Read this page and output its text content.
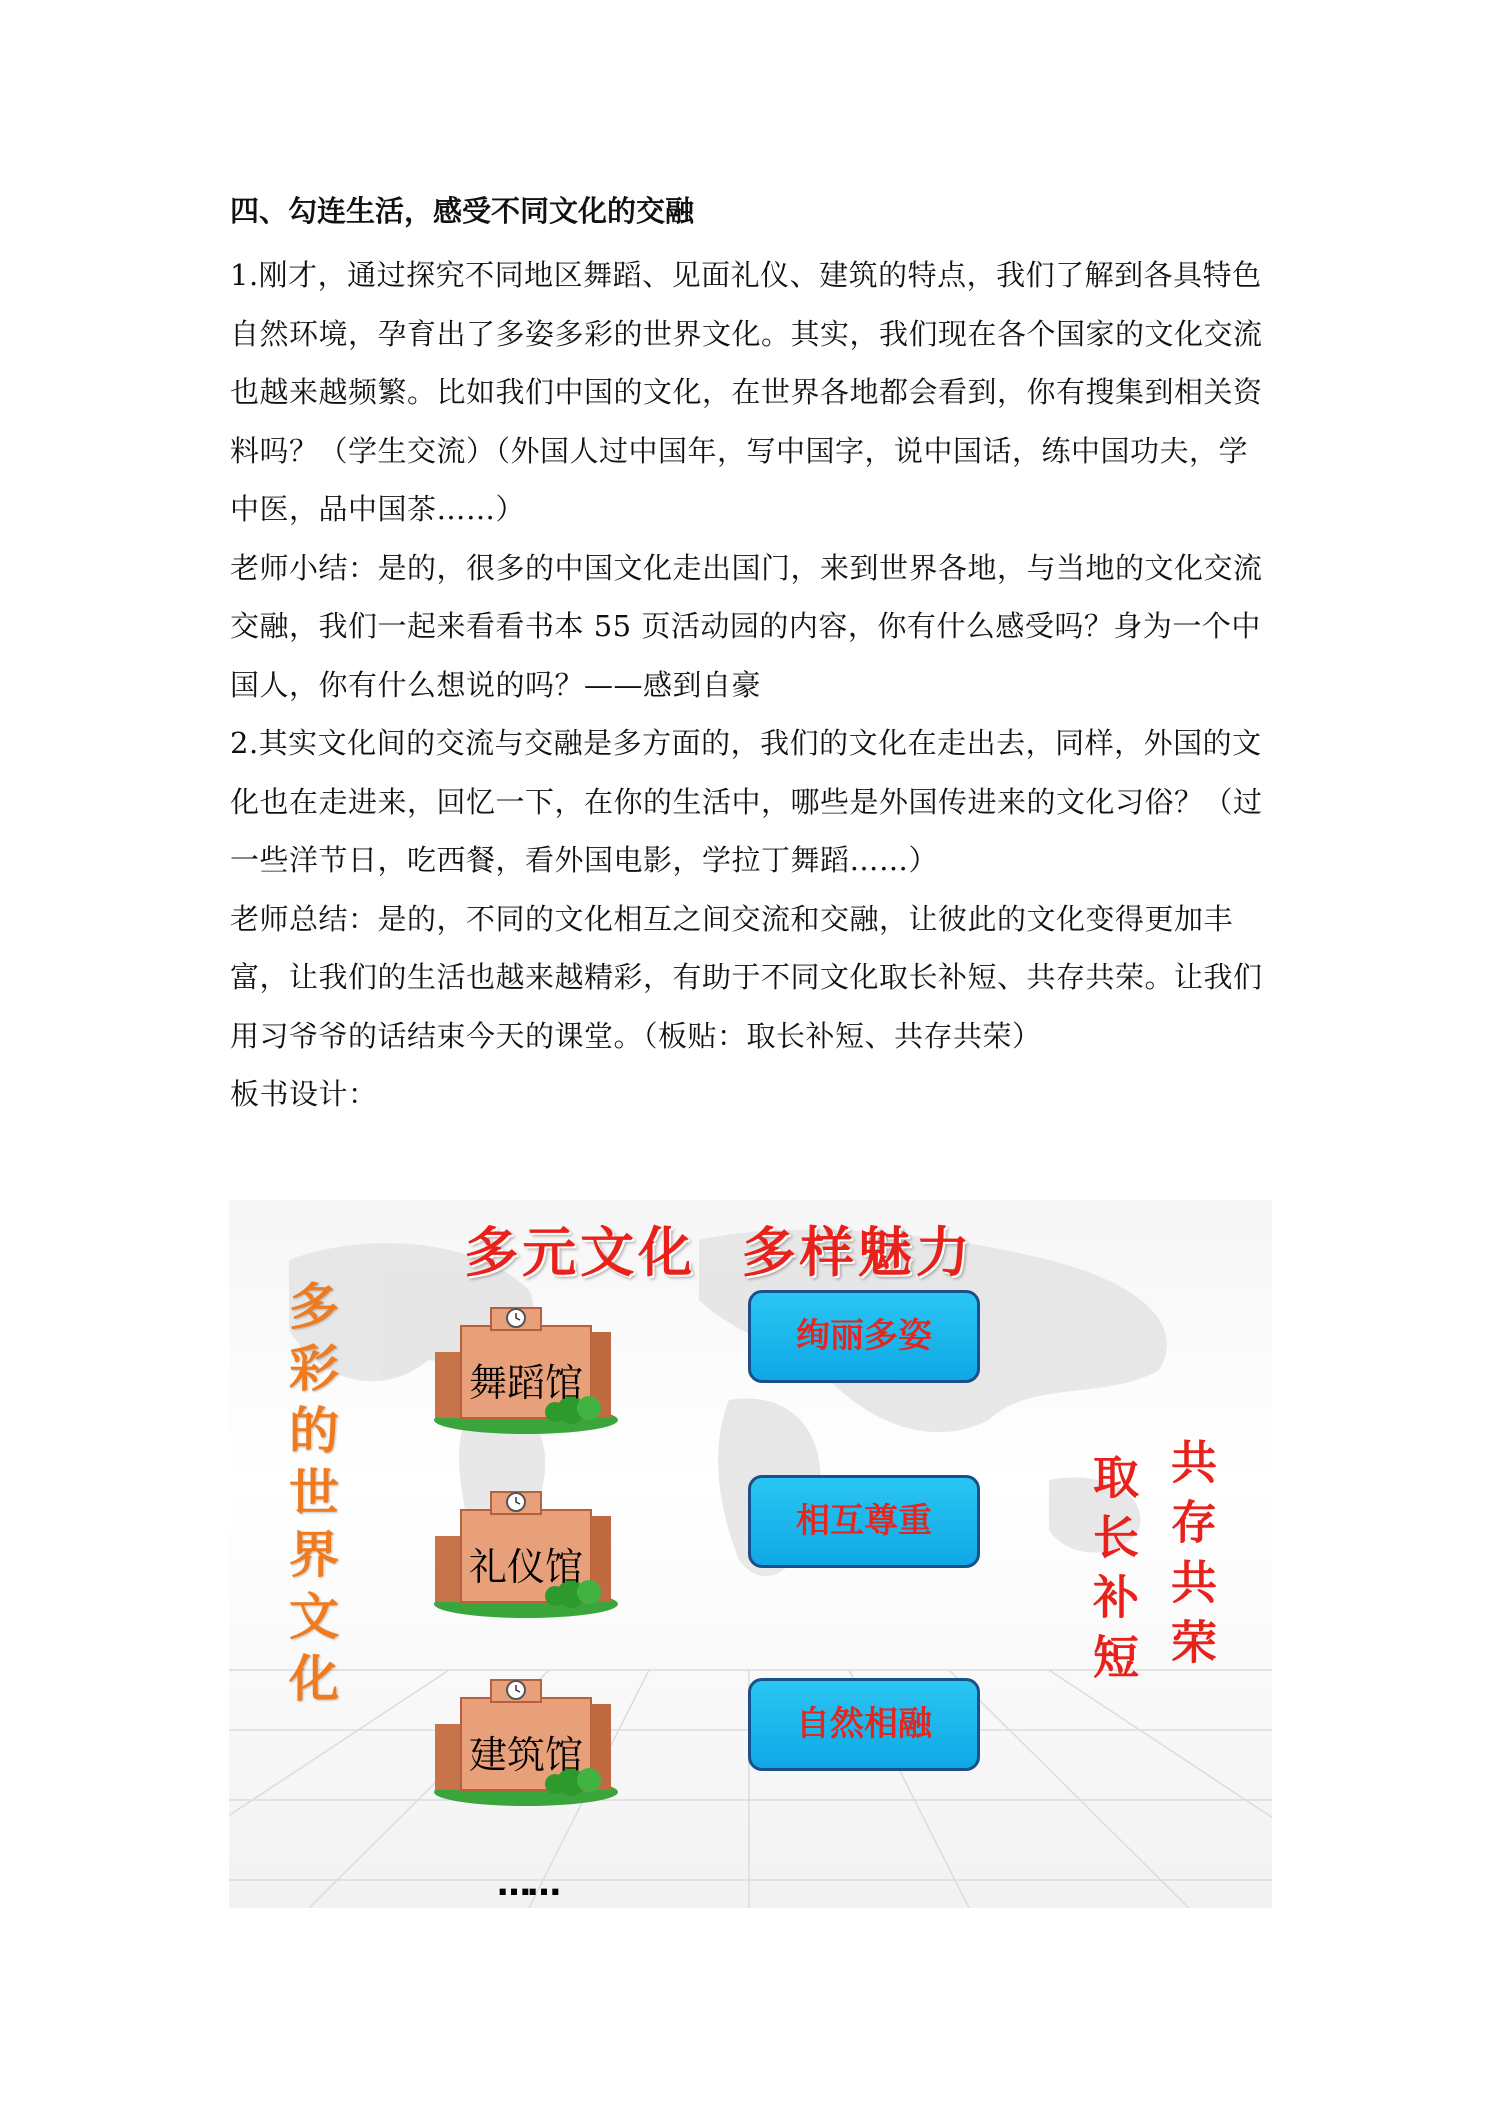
四、勾连生活，感受不同文化的交融

1.刚才，通过探究不同地区舞蹈、见面礼仪、建筑的特点，我们了解到各具特色自然环境，孕育出了多姿多彩的世界文化。其实，我们现在各个国家的文化交流也越来越频繁。比如我们中国的文化，在世界各地都会看到，你有搜集到相关资料吗？（学生交流）（外国人过中国年，写中国字，说中国话，练中国功夫，学中医，品中国茶……）

老师小结：是的，很多的中国文化走出国门，来到世界各地，与当地的文化交流交融，我们一起来看看书本 55 页活动园的内容，你有什么感受吗？身为一个中国人，你有什么想说的吗？——感到自豪

2.其实文化间的交流与交融是多方面的，我们的文化在走出去，同样，外国的文化也在走进来，回忆一下，在你的生活中，哪些是外国传进来的文化习俗？（过一些洋节日，吃西餐，看外国电影，学拉丁舞蹈……）

老师总结：是的，不同的文化相互之间交流和交融，让彼此的文化变得更加丰富，让我们的生活也越来越精彩，有助于不同文化取长补短、共存共荣。让我们用习爷爷的话结束今天的课堂。（板贴：取长补短、共存共荣）

板书设计：

多元文化  多样魅力
多彩的世界文化	舞蹈馆
礼仪馆
建筑馆
绚丽多姿
相互尊重
自然相融
取长补短 共存共荣
……
